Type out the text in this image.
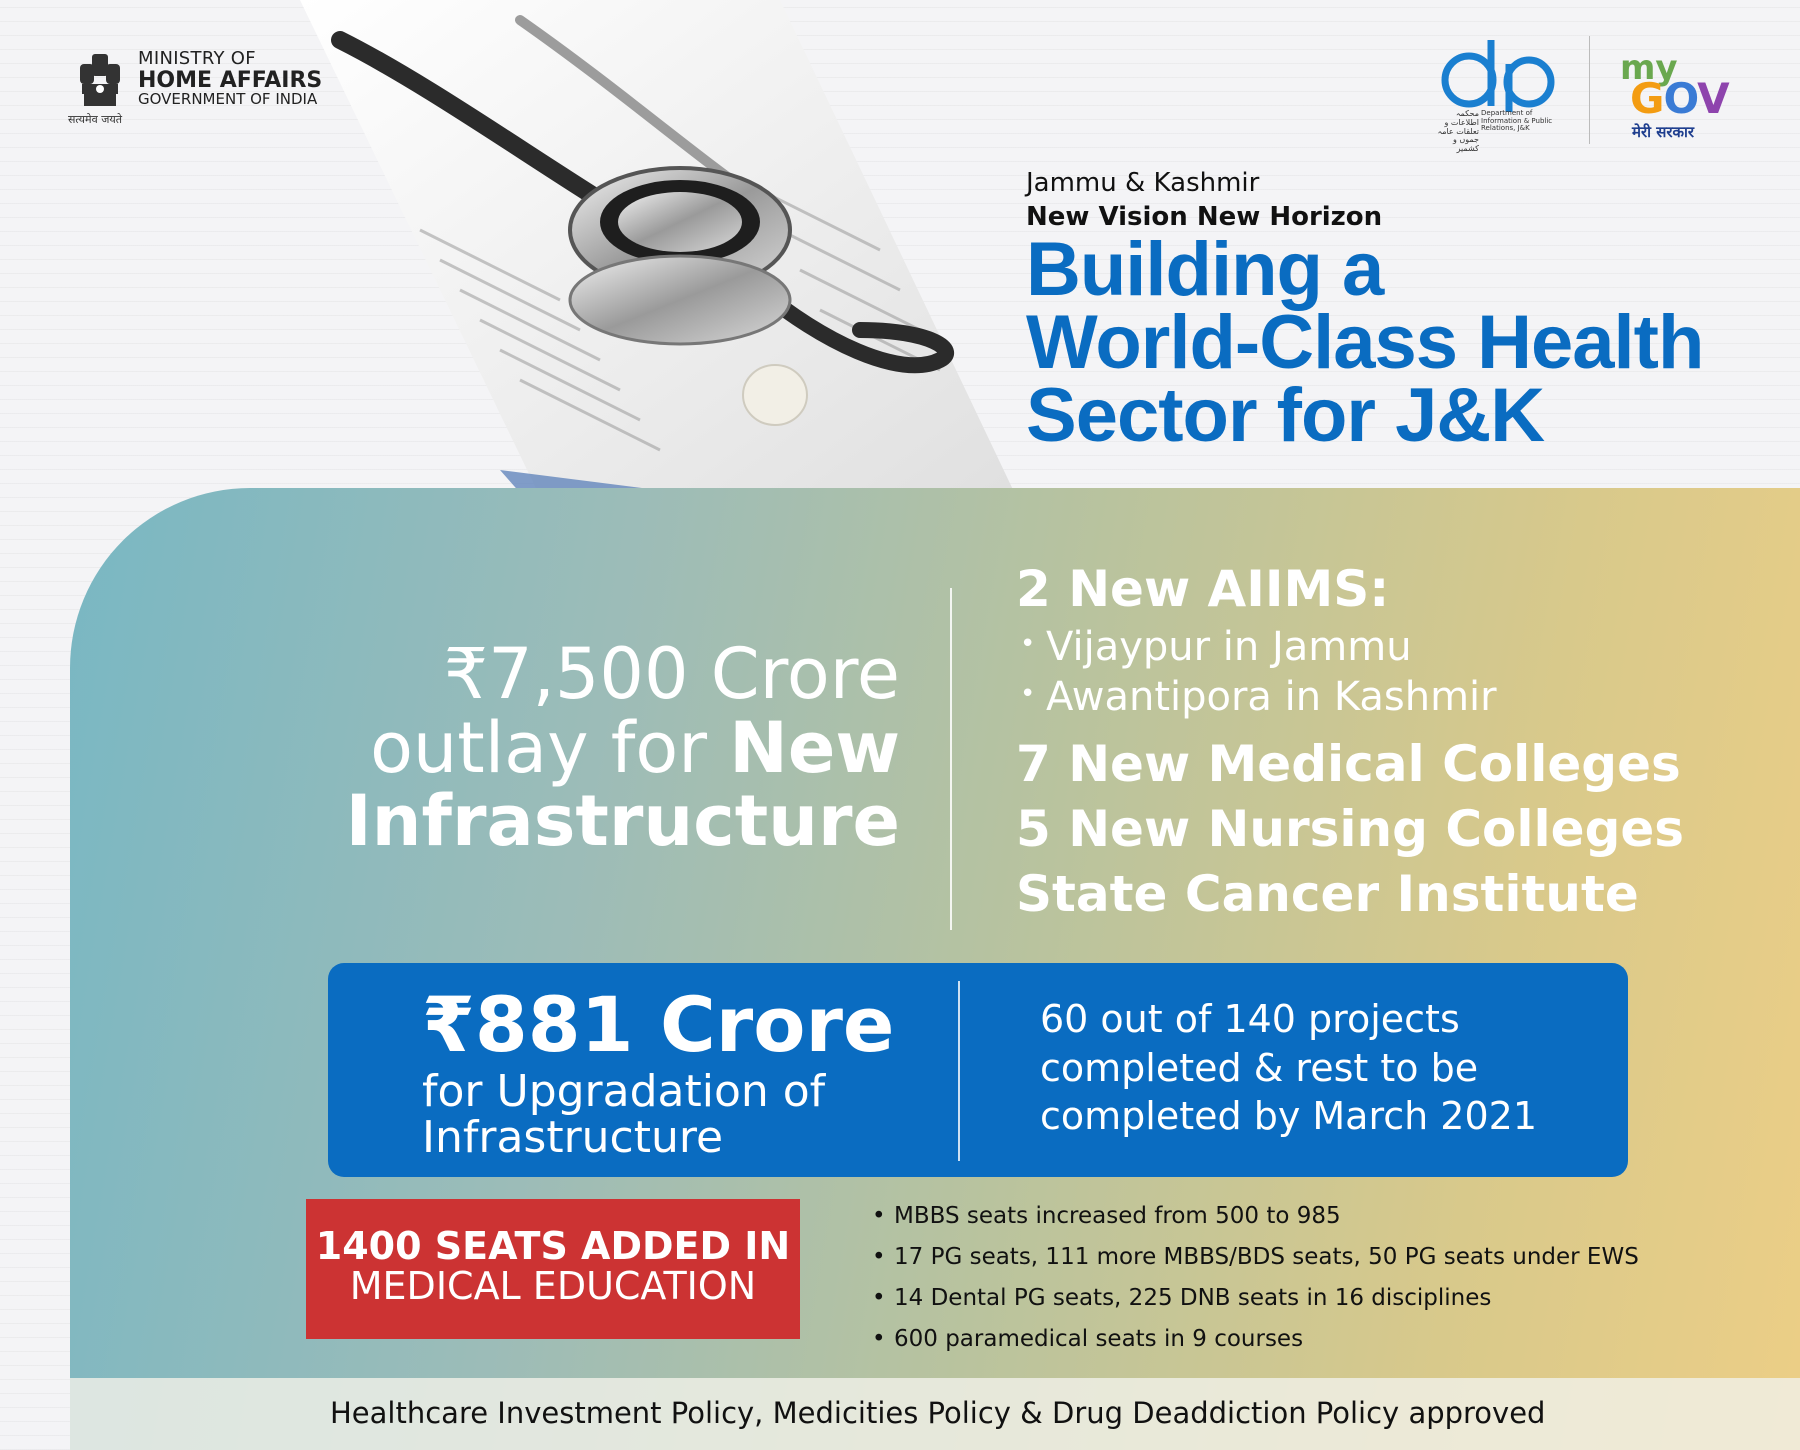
MINISTRY OF
HOME AFFAIRS
GOVERNMENT OF INDIA
सत्यमेव जयते	محکمہ اطلاعات و تعلقات عامہ جموں و کشمیر
Department of Information & Public Relations, J&K
my
GOV
मेरी सरकार
Jammu & Kashmir
New Vision New Horizon
Building a
World-Class Health
Sector for J&K
₹7,500 Crore
outlay for New
Infrastructure
2 New AIIMS:
• Vijaypur in Jammu
• Awantipora in Kashmir
7 New Medical Colleges
5 New Nursing Colleges
State Cancer Institute
₹881 Crore
for Upgradation of
Infrastructure
60 out of 140 projects
completed & rest to be
completed by March 2021
1400 SEATS ADDED IN
MEDICAL EDUCATION
• MBBS seats increased from 500 to 985
• 17 PG seats, 111 more MBBS/BDS seats, 50 PG seats under EWS
• 14 Dental PG seats, 225 DNB seats in 16 disciplines
• 600 paramedical seats in 9 courses
Healthcare Investment Policy, Medicities Policy & Drug Deaddiction Policy approved
